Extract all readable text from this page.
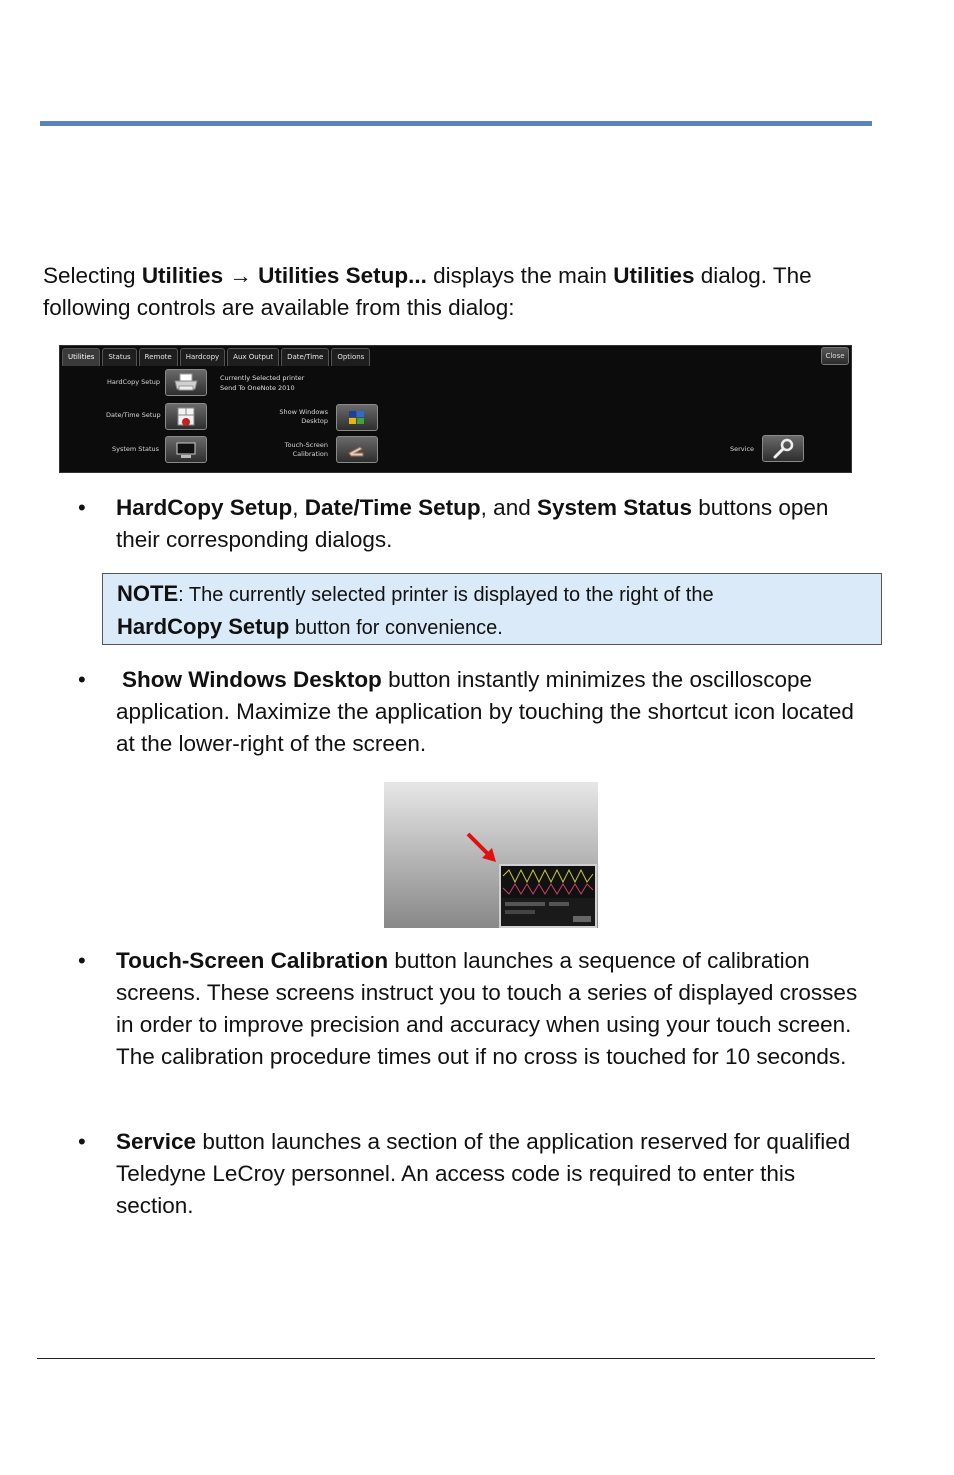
Selecting Utilities → Utilities Setup... displays the main Utilities dialog. The following controls are available from this dialog:

Utilities	Status	Remote	Hardcopy	Aux Output	Date/Time	Options	Close
HardCopy Setup	Currently Selected printer
Send To OneNote 2010
Date/Time Setup
System Status
Show Windows
Desktop
Touch-Screen
Calibration
Service
•	HardCopy Setup, Date/Time Setup, and System Status buttons open their corresponding dialogs.
NOTE: The currently selected printer is displayed to the right of the
HardCopy Setup button for convenience.
•	Show Windows Desktop button instantly minimizes the oscilloscope application. Maximize the application by touching the shortcut icon located at the lower-right of the screen.
•	Touch-Screen Calibration button launches a sequence of calibration screens. These screens instruct you to touch a series of displayed crosses in order to improve precision and accuracy when using your touch screen. The calibration procedure times out if no cross is touched for 10 seconds.
•	Service button launches a section of the application reserved for qualified Teledyne LeCroy personnel. An access code is required to enter this section.
